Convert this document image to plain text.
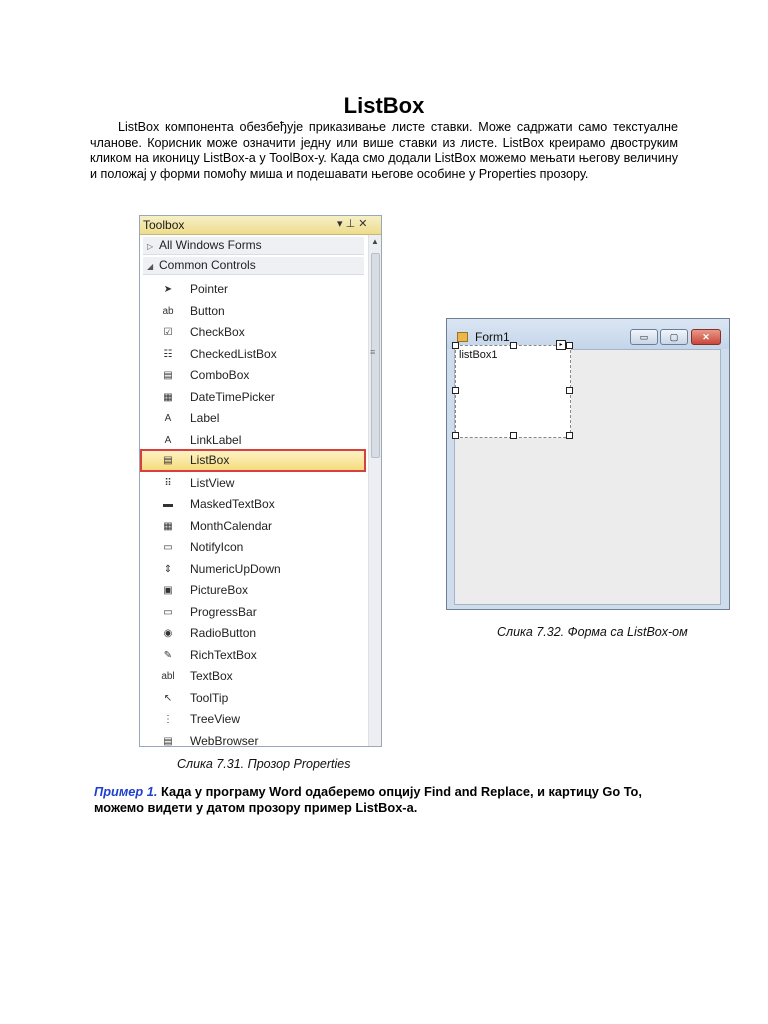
ListBox
ListBox компонента обезбеђује приказивање листе ставки. Може садржати само текстуалне чланове. Корисник може означити једну или више ставки из листе. ListBox креирамо двоструким кликом на иконицу ListBox-а у ToolBox-у. Када смо додали ListBox можемо мењати његову величину и положај у форми помоћу миша и подешавати његове особине у Properties прозору.
Toolbox	▾ ⊥ ✕
▷ All Windows Forms
◢ Common Controls
➤	Pointer
ab Button
☑ CheckBox
☷ CheckedListBox
▤ ComboBox
▦ DateTimePicker
A	Label
A	LinkLabel
▤ ListBox
⠿	ListView
▬ MaskedTextBox
▦ MonthCalendar
▭ NotifyIcon
⇕	NumericUpDown
▣ PictureBox
▭ ProgressBar
◉	RadioButton
✎	RichTextBox
abl TextBox
↖	ToolTip
⋮ TreeView
▤ WebBrowser
▲
≡
Слика 7.31. Прозор Properties
Form1	▭	▢	✕
listBox1
▸
Слика 7.32. Форма са ListBox-ом
Пример 1. Када у програму Word одаберемо опцију Find and Replace, и картицу Go To, можемо видети у датом прозору пример ListBox-а.
